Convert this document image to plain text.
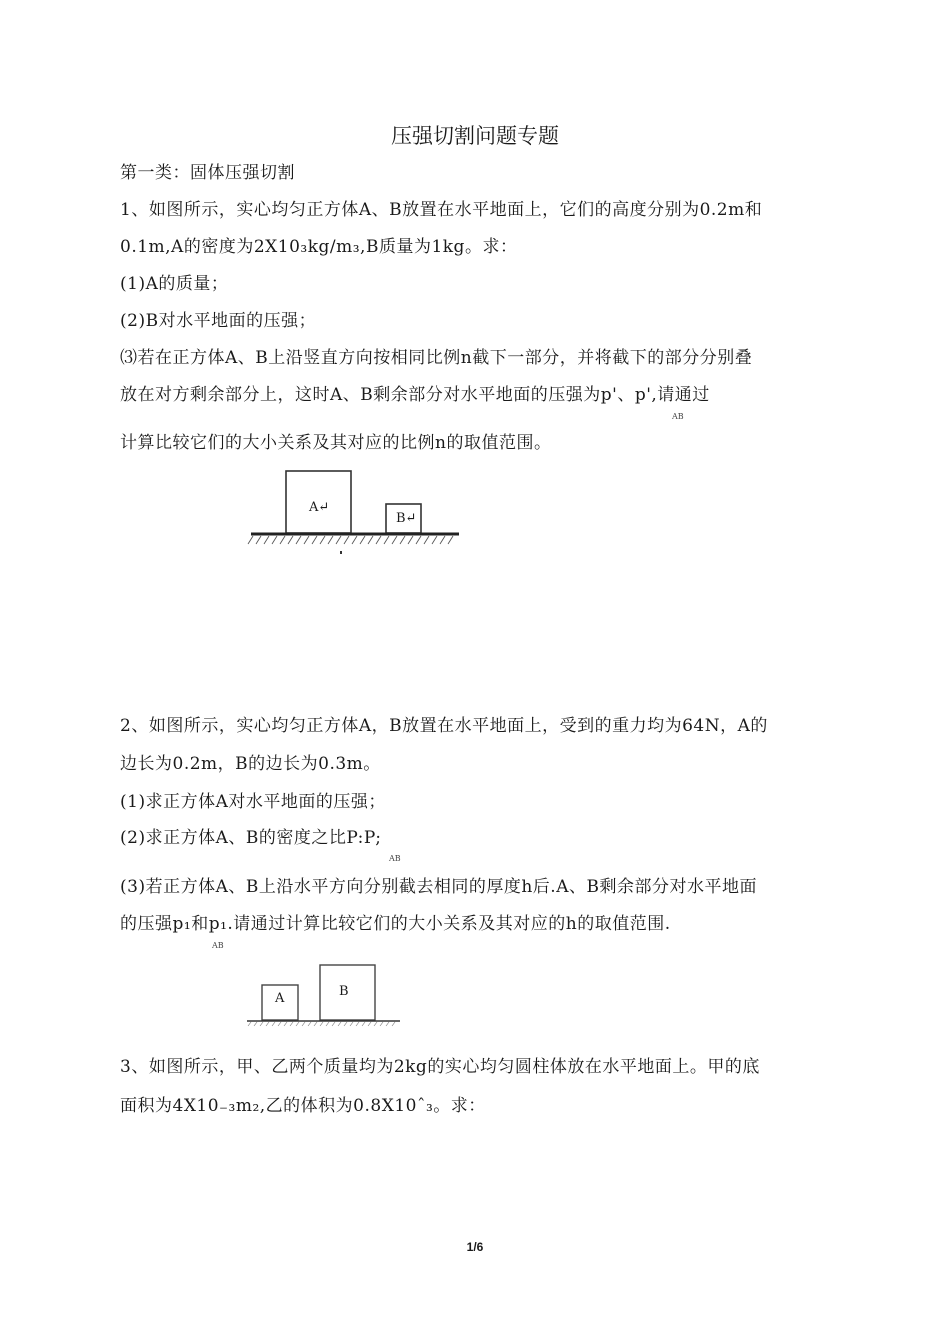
压强切割问题专题
第一类：固体压强切割
1、如图所示，实心均匀正方体A、B放置在水平地面上，它们的高度分别为0.2m和
0.1m,A的密度为2X10₃kg/m₃,B质量为1kg。求：
(1)A的质量；
(2)B对水平地面的压强；
⑶若在正方体A、B上沿竖直方向按相同比例n截下一部分，并将截下的部分分别叠
放在对方剩余部分上，这时A、B剩余部分对水平地面的压强为p'、p',请通过
AB
计算比较它们的大小关系及其对应的比例n的取值范围。
A↵
B↵
2、如图所示，实心均匀正方体A，B放置在水平地面上，受到的重力均为64N，A的
边长为0.2m，B的边长为0.3m。
(1)求正方体A对水平地面的压强；
(2)求正方体A、B的密度之比P:P;
AB
(3)若正方体A、B上沿水平方向分别截去相同的厚度h后.A、B剩余部分对水平地面
的压强p₁和p₁.请通过计算比较它们的大小关系及其对应的h的取值范围.
AB
A	B
3、如图所示，甲、乙两个质量均为2kg的实心均匀圆柱体放在水平地面上。甲的底
面积为4X10₋₃m₂,乙的体积为0.8X10ˆ₃。求：
1/6
